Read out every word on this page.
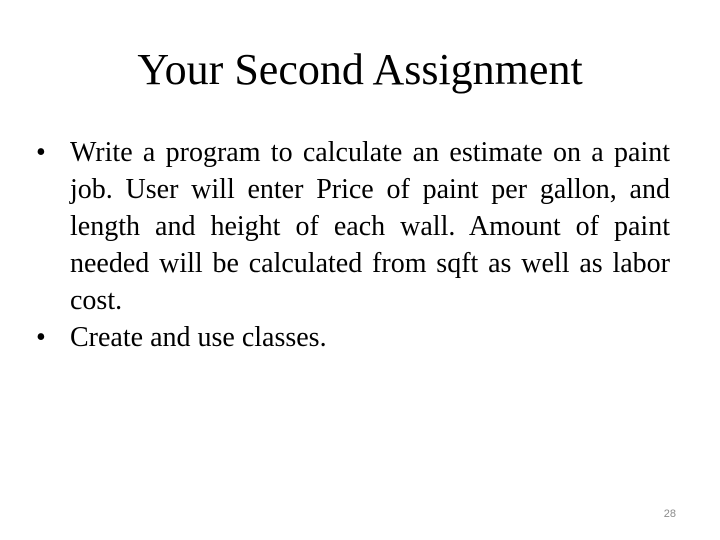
Your Second Assignment
• Write a program to calculate an estimate on a paint job. User will enter Price of paint per gallon, and length and height of each wall. Amount of paint needed will be calculated from sqft as well as labor cost.
• Create and use classes.
28
